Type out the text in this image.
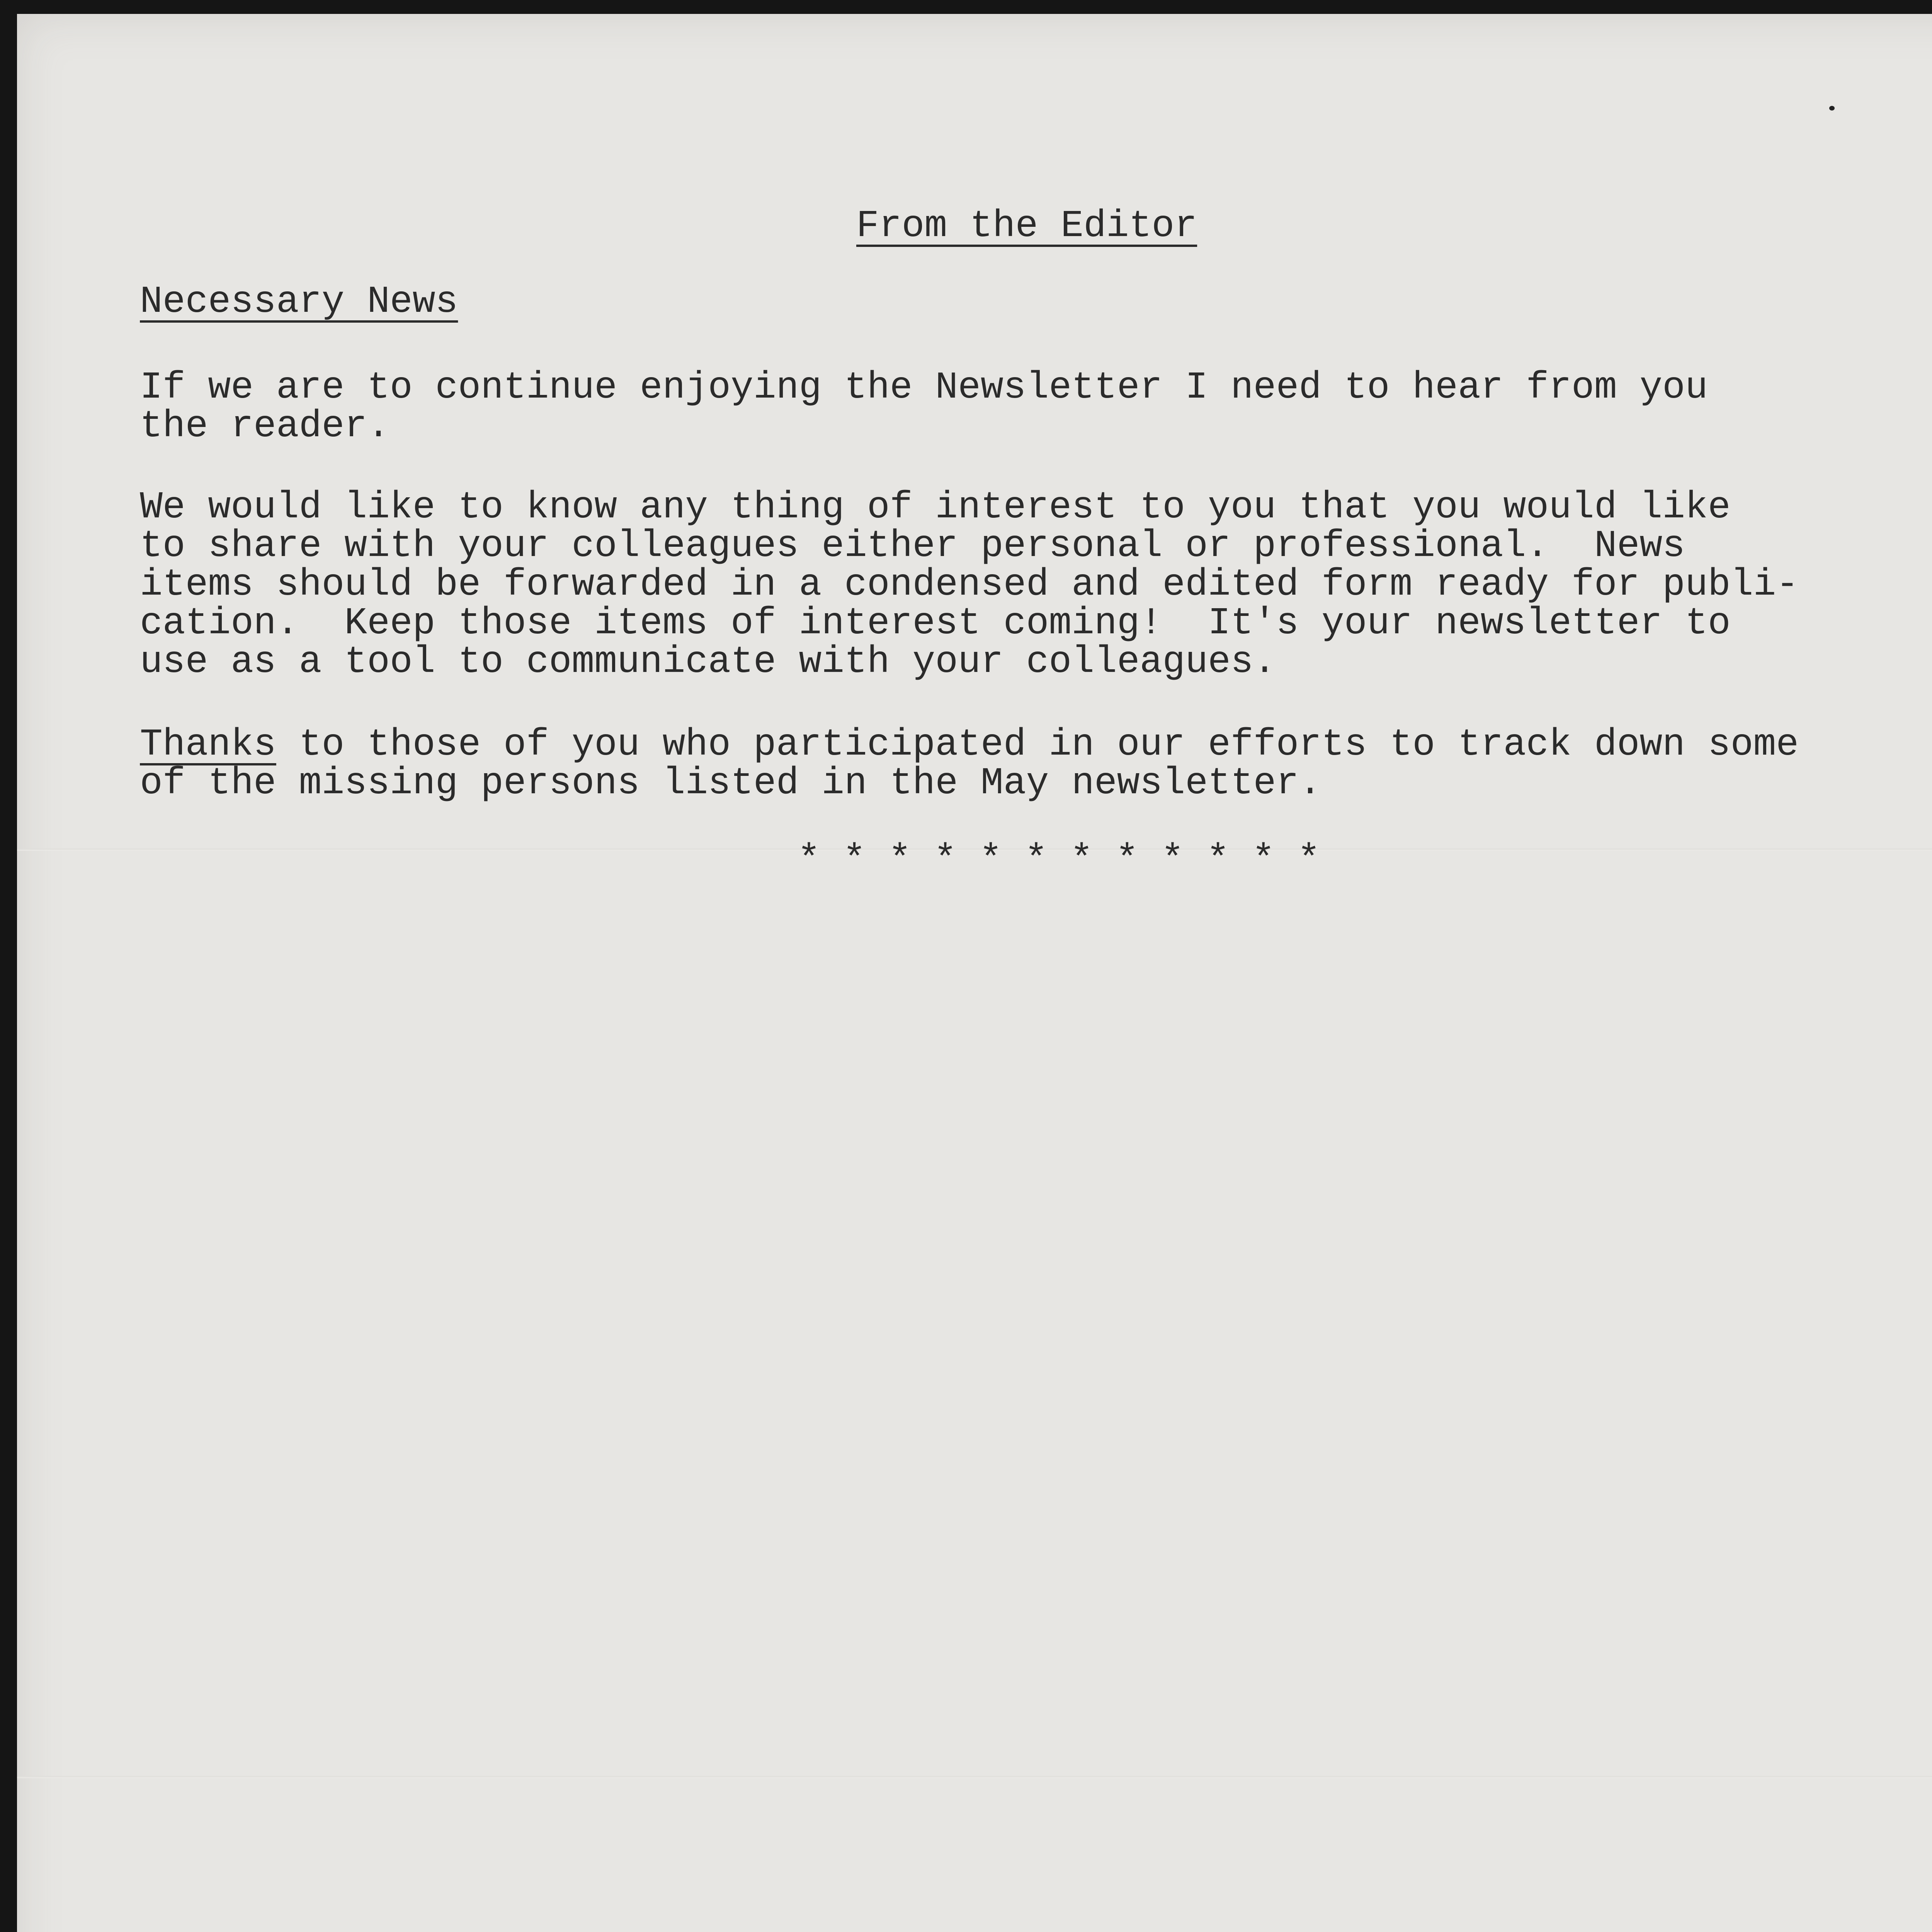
From the Editor

Necessary News

If we are to continue enjoying the Newsletter I need to hear from you
the reader.
We would like to know any thing of interest to you that you would like
to share with your colleagues either personal or professional.  News
items should be forwarded in a condensed and edited form ready for publi-
cation.  Keep those items of interest coming!  It's your newsletter to
use as a tool to communicate with your colleagues.
Thanks to those of you who participated in our efforts to track down some
of the missing persons listed in the May newsletter.

* * * * * * * * * * * *
